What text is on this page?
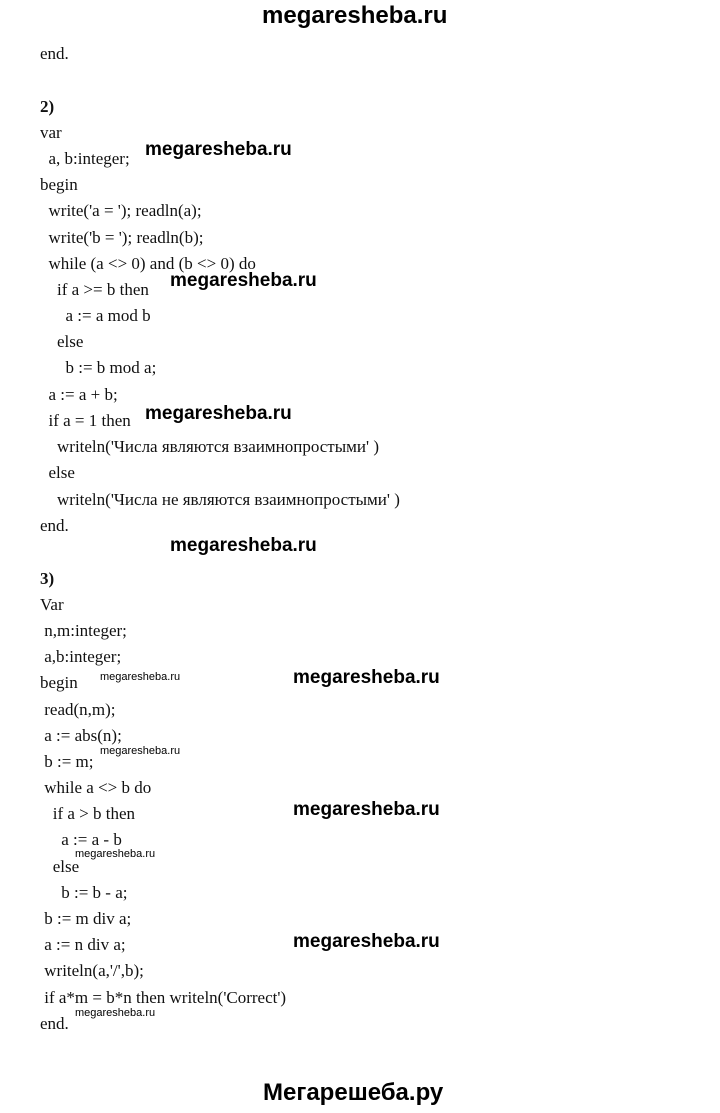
megaresheba.ru
end.
2)
var
a, b:integer;
begin
write('a = '); readln(a);
write('b = '); readln(b);
while (a <> 0) and (b <> 0) do
if a >= b then
a := a mod b
else
b := b mod a;
a := a + b;
if a = 1 then
writeln('Числа являются взаимнопростыми' )
else
writeln('Числа не являются взаимнопростыми' )
end.
3)
Var
n,m:integer;
a,b:integer;
begin
read(n,m);
a := abs(n);
b := m;
while a <> b do
if a > b then
a := a - b
else
b := b - a;
b := m div a;
a := n div a;
writeln(a,'/',b);
if a*m = b*n then writeln('Correct')
end.
megaresheba.ru
megaresheba.ru
megaresheba.ru
megaresheba.ru
megaresheba.ru
megaresheba.ru
megaresheba.ru
megaresheba.ru
megaresheba.ru
megaresheba.ru
megaresheba.ru
Мегарешеба.ру
